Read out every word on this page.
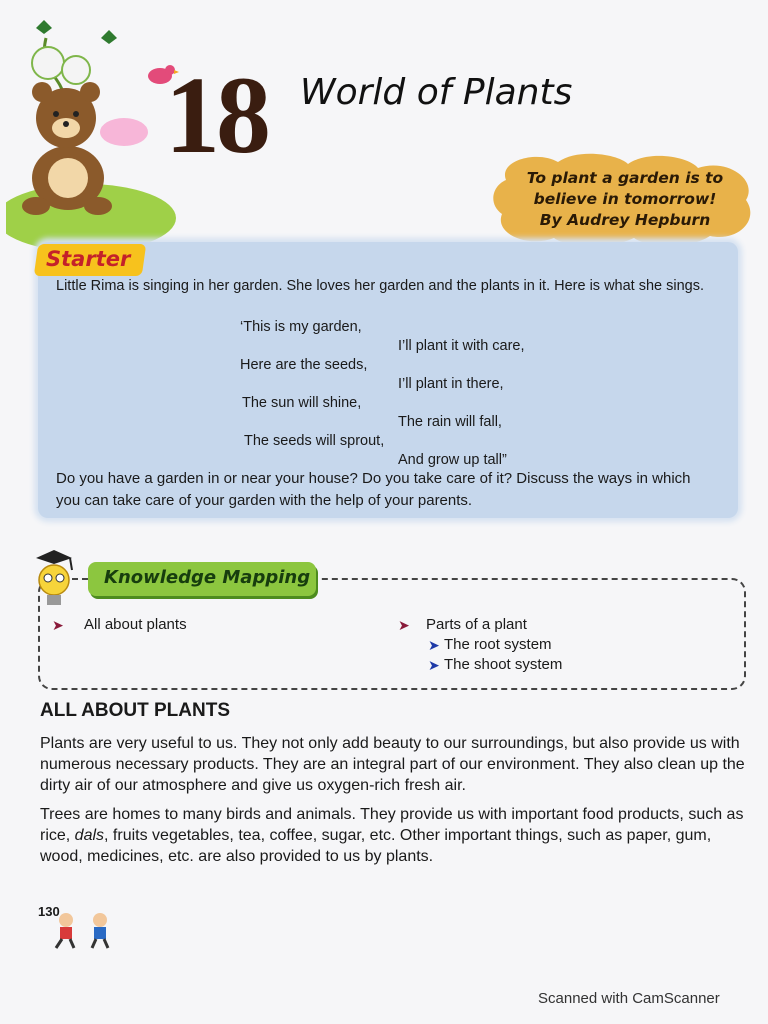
18 World of Plants
To plant a garden is to
believe in tomorrow!
By Audrey Hepburn
Starter
Little Rima is singing in her garden. She loves her garden and the plants in it. Here is what she sings.
‘This is my garden,
I’ll plant it with care,
Here are the seeds,
I’ll plant in there,
The sun will shine,
The rain will fall,
The seeds will sprout,
And grow up tall”
Do you have a garden in or near your house? Do you take care of it? Discuss the ways in which you can take care of your garden with the help of your parents.
Knowledge Mapping
➤ All about plants	➤ Parts of a plant
➤ The root system
➤ The shoot system
ALL ABOUT PLANTS
Plants are very useful to us. They not only add beauty to our surroundings, but also provide us with numerous necessary products. They are an integral part of our environment. They also clean up the dirty air of our atmosphere and give us oxygen-rich fresh air.
Trees are homes to many birds and animals. They provide us with important food products, such as rice, dals, fruits vegetables, tea, coffee, sugar, etc. Other important things, such as paper, gum, wood, medicines, etc. are also provided to us by plants.
130
Scanned with CamScanner
